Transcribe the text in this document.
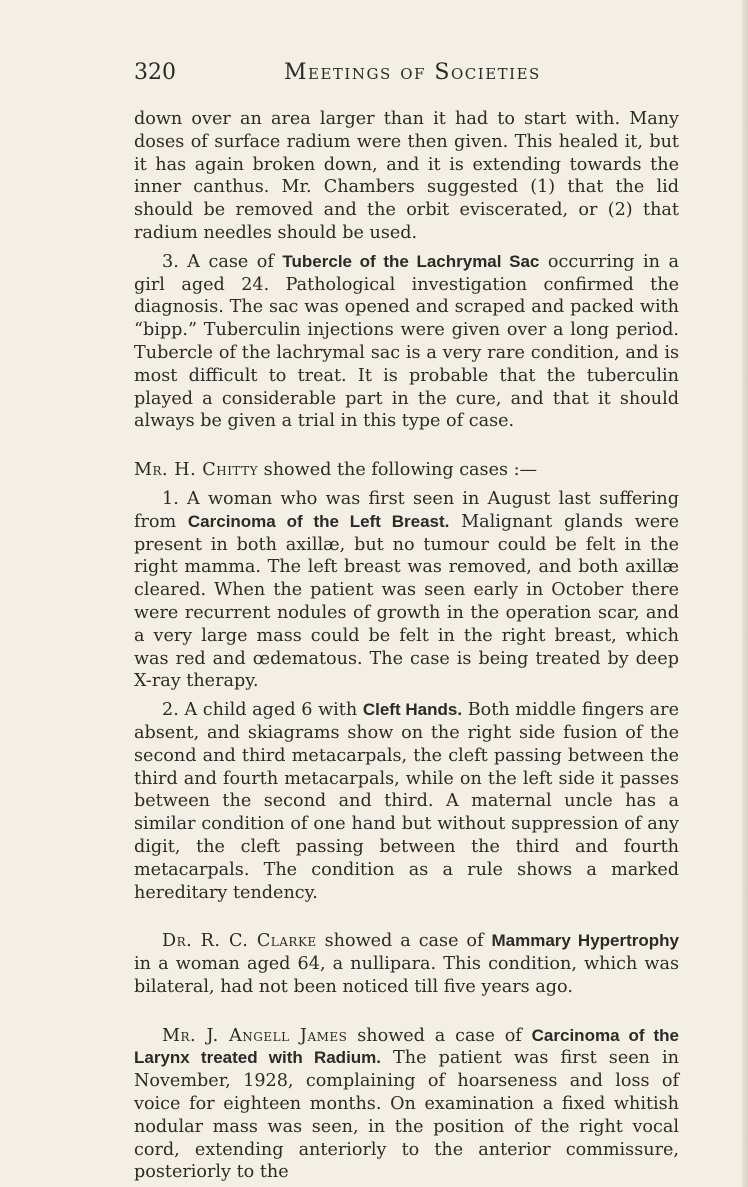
320	Meetings of Societies

down over an area larger than it had to start with. Many doses of surface radium were then given. This healed it, but it has again broken down, and it is extending towards the inner canthus. Mr. Chambers suggested (1) that the lid should be removed and the orbit eviscerated, or (2) that radium needles should be used.

3. A case of Tubercle of the Lachrymal Sac occurring in a girl aged 24. Pathological investigation confirmed the diagnosis. The sac was opened and scraped and packed with “bipp.” Tuberculin injections were given over a long period. Tubercle of the lachrymal sac is a very rare condition, and is most difficult to treat. It is probable that the tuberculin played a considerable part in the cure, and that it should always be given a trial in this type of case.

Mr. H. Chitty showed the following cases :—

1. A woman who was first seen in August last suffering from Carcinoma of the Left Breast. Malignant glands were present in both axillæ, but no tumour could be felt in the right mamma. The left breast was removed, and both axillæ cleared. When the patient was seen early in October there were recurrent nodules of growth in the operation scar, and a very large mass could be felt in the right breast, which was red and œdematous. The case is being treated by deep X-ray therapy.

2. A child aged 6 with Cleft Hands. Both middle fingers are absent, and skiagrams show on the right side fusion of the second and third metacarpals, the cleft passing between the third and fourth metacarpals, while on the left side it passes between the second and third. A maternal uncle has a similar condition of one hand but without suppression of any digit, the cleft passing between the third and fourth metacarpals. The condition as a rule shows a marked hereditary tendency.

Dr. R. C. Clarke showed a case of Mammary Hypertrophy in a woman aged 64, a nullipara. This condition, which was bilateral, had not been noticed till five years ago.

Mr. J. Angell James showed a case of Carcinoma of the Larynx treated with Radium. The patient was first seen in November, 1928, complaining of hoarseness and loss of voice for eighteen months. On examination a fixed whitish nodular mass was seen, in the position of the right vocal cord, extending anteriorly to the anterior commissure, posteriorly to the
